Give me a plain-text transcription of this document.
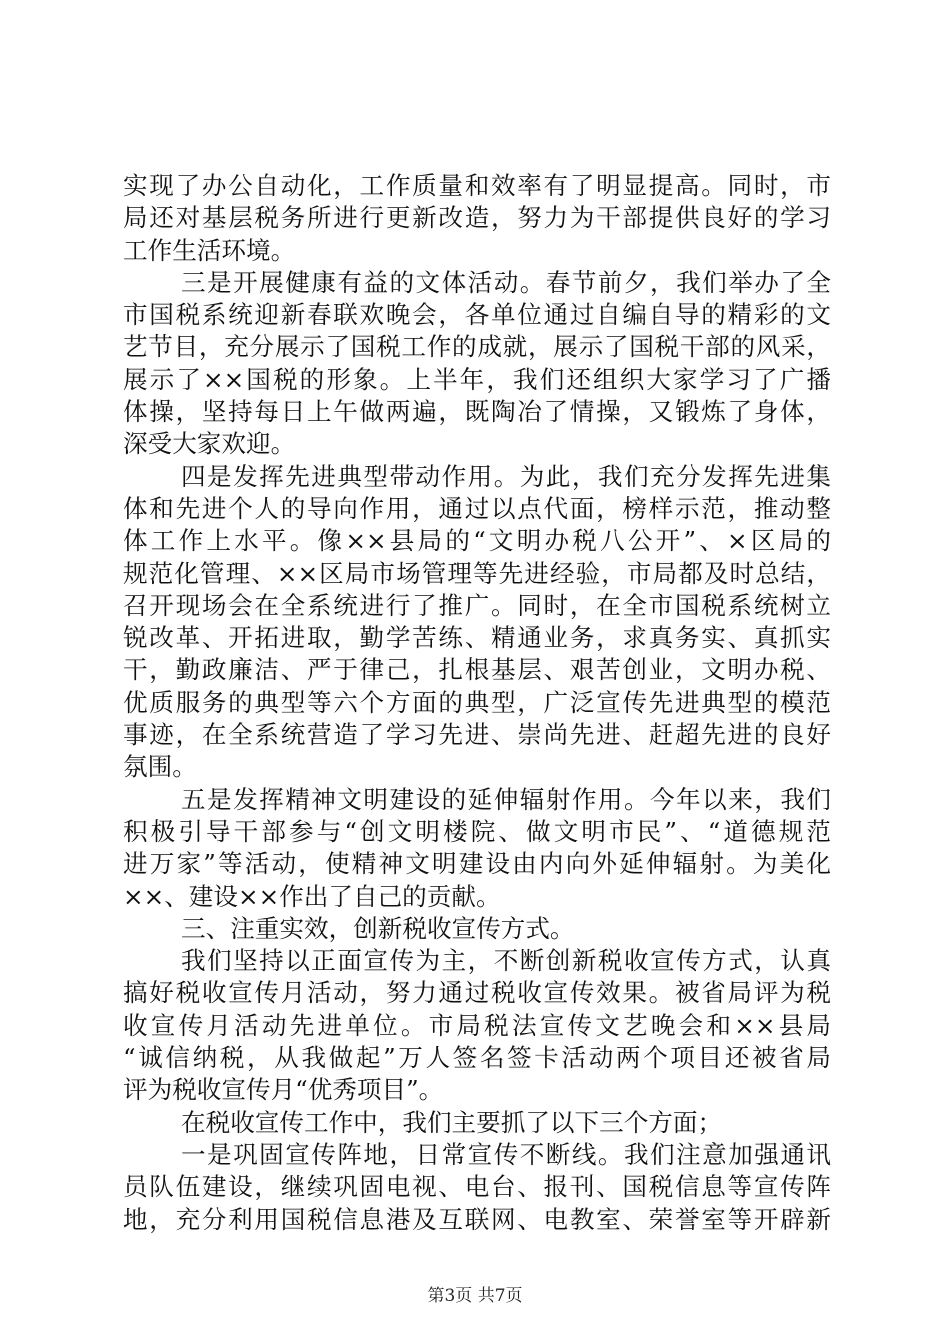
实现了办公自动化，工作质量和效率有了明显提高。同时，市
局还对基层税务所进行更新改造，努力为干部提供良好的学习
工作生活环境。
三是开展健康有益的文体活动。春节前夕，我们举办了全
市国税系统迎新春联欢晚会，各单位通过自编自导的精彩的文
艺节目，充分展示了国税工作的成就，展示了国税干部的风采，
展示了××国税的形象。上半年，我们还组织大家学习了广播
体操，坚持每日上午做两遍，既陶冶了情操，又锻炼了身体，
深受大家欢迎。
四是发挥先进典型带动作用。为此，我们充分发挥先进集
体和先进个人的导向作用，通过以点代面，榜样示范，推动整
体工作上水平。像××县局的“文明办税八公开”、×区局的
规范化管理、××区局市场管理等先进经验，市局都及时总结，
召开现场会在全系统进行了推广。同时，在全市国税系统树立
锐改革、开拓进取，勤学苦练、精通业务，求真务实、真抓实
干，勤政廉洁、严于律己，扎根基层、艰苦创业，文明办税、
优质服务的典型等六个方面的典型，广泛宣传先进典型的模范
事迹，在全系统营造了学习先进、崇尚先进、赶超先进的良好
氛围。
五是发挥精神文明建设的延伸辐射作用。今年以来，我们
积极引导干部参与“创文明楼院、做文明市民”、“道德规范
进万家”等活动，使精神文明建设由内向外延伸辐射。为美化
××、建设××作出了自己的贡献。
三、注重实效，创新税收宣传方式。
我们坚持以正面宣传为主，不断创新税收宣传方式，认真
搞好税收宣传月活动，努力通过税收宣传效果。被省局评为税
收宣传月活动先进单位。市局税法宣传文艺晚会和××县局
“诚信纳税，从我做起”万人签名签卡活动两个项目还被省局
评为税收宣传月“优秀项目”。
在税收宣传工作中，我们主要抓了以下三个方面；
一是巩固宣传阵地，日常宣传不断线。我们注意加强通讯
员队伍建设，继续巩固电视、电台、报刊、国税信息等宣传阵
地，充分利用国税信息港及互联网、电教室、荣誉室等开辟新
第3页 共7页
